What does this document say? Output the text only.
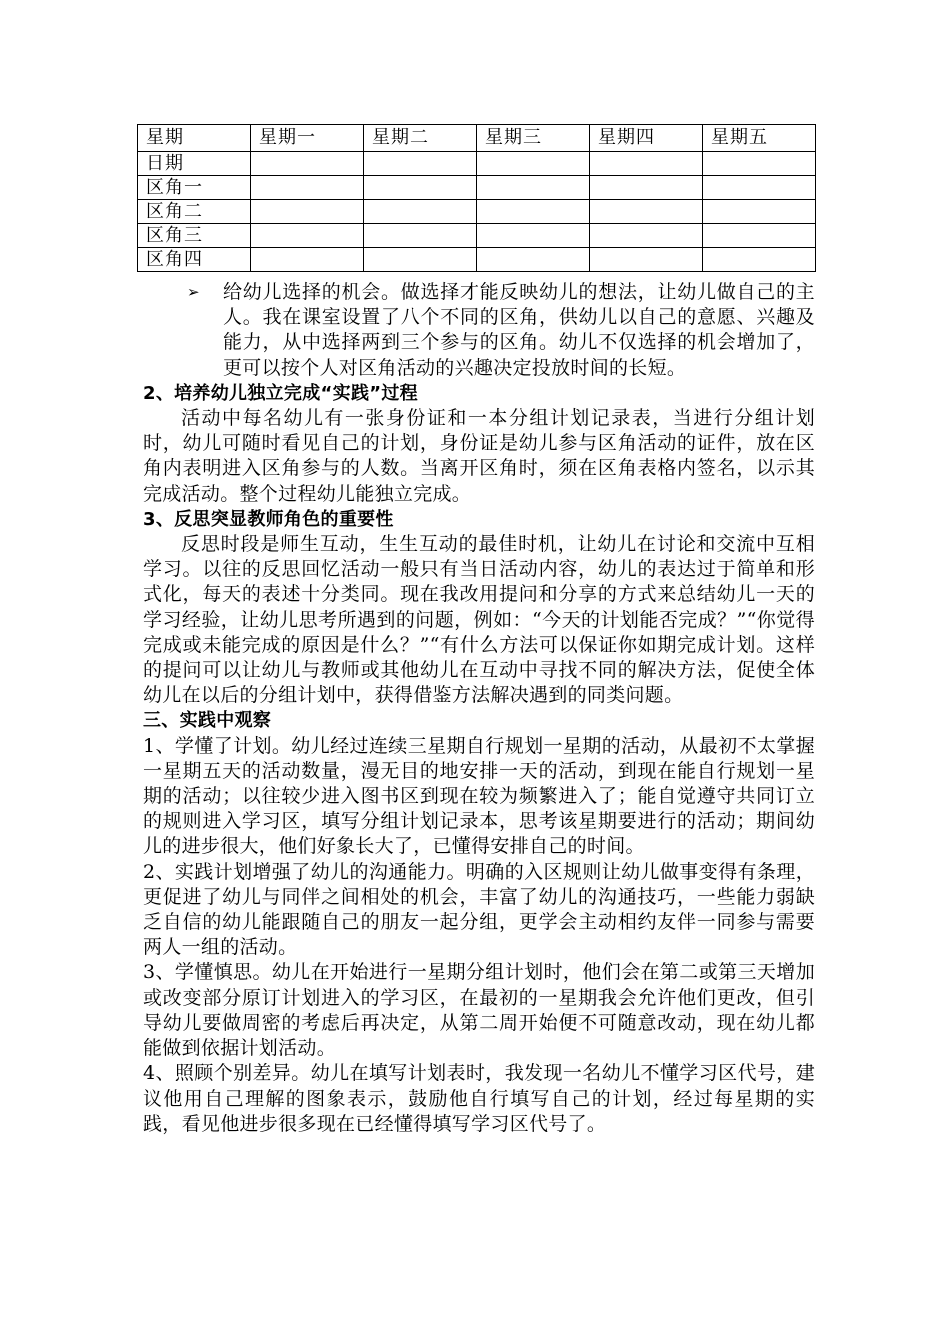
星期	星期一	星期二	星期三	星期四	星期五
日期					
区角一					
区角二					
区角三					
区角四					

➢ 给幼儿选择的机会。做选择才能反映幼儿的想法，让幼儿做自己的主人。我在课室设置了八个不同的区角，供幼儿以自己的意愿、兴趣及能力，从中选择两到三个参与的区角。幼儿不仅选择的机会增加了，更可以按个人对区角活动的兴趣决定投放时间的长短。

2、培养幼儿独立完成“实践”过程

活动中每名幼儿有一张身份证和一本分组计划记录表，当进行分组计划时，幼儿可随时看见自己的计划，身份证是幼儿参与区角活动的证件，放在区角内表明进入区角参与的人数。当离开区角时，须在区角表格内签名，以示其完成活动。整个过程幼儿能独立完成。

3、反思突显教师角色的重要性

反思时段是师生互动，生生互动的最佳时机，让幼儿在讨论和交流中互相学习。以往的反思回忆活动一般只有当日活动内容，幼儿的表达过于简单和形式化，每天的表述十分类同。现在我改用提问和分享的方式来总结幼儿一天的学习经验，让幼儿思考所遇到的问题，例如：“今天的计划能否完成？”“你觉得完成或未能完成的原因是什么？”“有什么方法可以保证你如期完成计划。这样的提问可以让幼儿与教师或其他幼儿在互动中寻找不同的解决方法，促使全体幼儿在以后的分组计划中，获得借鉴方法解决遇到的同类问题。

三、实践中观察

1、学懂了计划。幼儿经过连续三星期自行规划一星期的活动，从最初不太掌握一星期五天的活动数量，漫无目的地安排一天的活动，到现在能自行规划一星期的活动；以往较少进入图书区到现在较为频繁进入了；能自觉遵守共同订立的规则进入学习区，填写分组计划记录本，思考该星期要进行的活动；期间幼儿的进步很大，他们好象长大了，已懂得安排自己的时间。

2、实践计划增强了幼儿的沟通能力。明确的入区规则让幼儿做事变得有条理，更促进了幼儿与同伴之间相处的机会，丰富了幼儿的沟通技巧，一些能力弱缺乏自信的幼儿能跟随自己的朋友一起分组，更学会主动相约友伴一同参与需要两人一组的活动。

3、学懂慎思。幼儿在开始进行一星期分组计划时，他们会在第二或第三天增加或改变部分原订计划进入的学习区，在最初的一星期我会允许他们更改，但引导幼儿要做周密的考虑后再决定，从第二周开始便不可随意改动，现在幼儿都能做到依据计划活动。

4、照顾个别差异。幼儿在填写计划表时，我发现一名幼儿不懂学习区代号，建议他用自己理解的图象表示，鼓励他自行填写自己的计划，经过每星期的实践，看见他进步很多现在已经懂得填写学习区代号了。
